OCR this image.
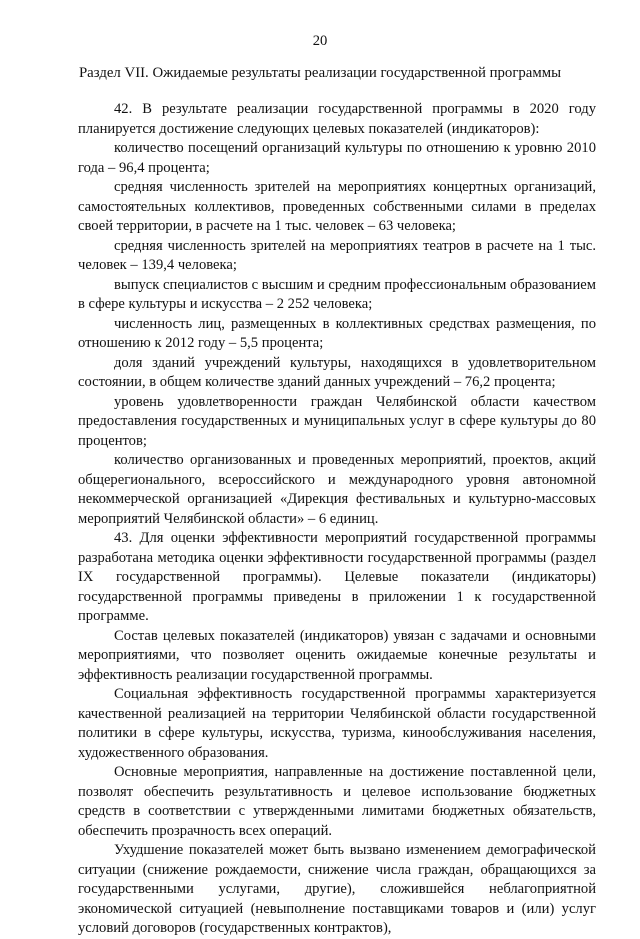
20
Раздел VII. Ожидаемые результаты реализации государственной программы

42. В результате реализации государственной программы в 2020 году планируется достижение следующих целевых показателей (индикаторов):

количество посещений организаций культуры по отношению к уровню 2010 года – 96,4 процента;

средняя численность зрителей на мероприятиях концертных организаций, самостоятельных коллективов, проведенных собственными силами в пределах своей территории, в расчете на 1 тыс. человек – 63 человека;

средняя численность зрителей на мероприятиях театров в расчете на 1 тыс. человек – 139,4 человека;

выпуск специалистов с высшим и средним профессиональным образованием в сфере культуры и искусства – 2 252 человека;

численность лиц, размещенных в коллективных средствах размещения, по отношению к 2012 году – 5,5 процента;

доля зданий учреждений культуры, находящихся в удовлетворительном состоянии, в общем количестве зданий данных учреждений – 76,2 процента;

уровень удовлетворенности граждан Челябинской области качеством предоставления государственных и муниципальных услуг в сфере культуры до 80 процентов;

количество организованных и проведенных мероприятий, проектов, акций общерегионального, всероссийского и международного уровня автономной некоммерческой организацией «Дирекция фестивальных и культурно-массовых мероприятий Челябинской области» – 6 единиц.

43. Для оценки эффективности мероприятий государственной программы разработана методика оценки эффективности государственной программы (раздел IX государственной программы). Целевые показатели (индикаторы) государственной программы приведены в приложении 1 к государственной программе.

Состав целевых показателей (индикаторов) увязан с задачами и основными мероприятиями, что позволяет оценить ожидаемые конечные результаты и эффективность реализации государственной программы.

Социальная эффективность государственной программы характеризуется качественной реализацией на территории Челябинской области государственной политики в сфере культуры, искусства, туризма, кинообслуживания населения, художественного образования.

Основные мероприятия, направленные на достижение поставленной цели, позволят обеспечить результативность и целевое использование бюджетных средств в соответствии с утвержденными лимитами бюджетных обязательств, обеспечить прозрачность всех операций.

Ухудшение показателей может быть вызвано изменением демографической ситуации (снижение рождаемости, снижение числа граждан, обращающихся за государственными услугами, другие), сложившейся неблагоприятной экономической ситуацией (невыполнение поставщиками товаров и (или) услуг условий договоров (государственных контрактов),
